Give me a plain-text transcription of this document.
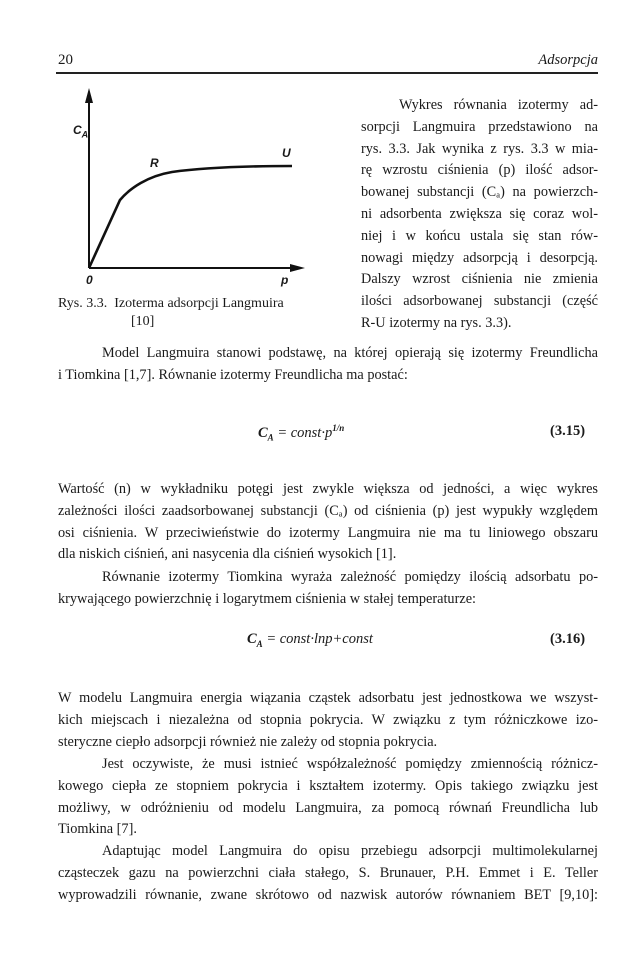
20	Adsorpcja
$C_A$
R
U
0	p
Rys. 3.3.  Izoterma adsorpcji Langmuira
[10]
Wykres równania izotermy ad-
sorpcji Langmuira przedstawiono na
rys. 3.3. Jak wynika z rys. 3.3 w mia-
rę wzrostu ciśnienia (p) ilość adsor-
bowanej substancji (Cₐ) na powierzch-
ni adsorbenta zwiększa się coraz wol-
niej i w końcu ustala się stan rów-
nowagi między adsorpcją i desorpcją.
Dalszy wzrost ciśnienia nie zmienia
ilości adsorbowanej substancji (część
R-U izotermy na rys. 3.3).
Model Langmuira stanowi podstawę, na której opierają się izotermy Freundlicha
i Tiomkina [1,7]. Równanie izotermy Freundlicha ma postać:
Wartość (n) w wykładniku potęgi jest zwykle większa od jedności, a więc wykres
zależności ilości zaadsorbowanej substancji (Cₐ) od ciśnienia (p) jest wypukły względem
osi ciśnienia. W przeciwieństwie do izotermy Langmuira nie ma tu liniowego obszaru
dla niskich ciśnień, ani nasycenia dla ciśnień wysokich [1].
Równanie izotermy Tiomkina wyraża zależność pomiędzy ilością adsorbatu po-
krywającego powierzchnię i logarytmem ciśnienia w stałej temperaturze:
W modelu Langmuira energia wiązania cząstek adsorbatu jest jednostkowa we wszyst-
kich miejscach i niezależna od stopnia pokrycia. W związku z tym różniczkowe izo-
steryczne ciepło adsorpcji również nie zależy od stopnia pokrycia.
Jest oczywiste, że musi istnieć współzależność pomiędzy zmiennością różnicz-
kowego ciepła ze stopniem pokrycia i kształtem izotermy. Opis takiego związku jest
możliwy, w odróżnieniu od modelu Langmuira, za pomocą równań Freundlicha lub
Tiomkina [7].
Adaptując model Langmuira do opisu przebiegu adsorpcji multimolekularnej
cząsteczek gazu na powierzchni ciała stałego, S. Brunauer, P.H. Emmet i E. Teller
wyprowadzili równanie, zwane skrótowo od nazwisk autorów równaniem BET [9,10]:
$C_A$ = $const\cdot p^{1/n}$	(3.15)
$C_A$ = const·lnp+const	(3.16)
